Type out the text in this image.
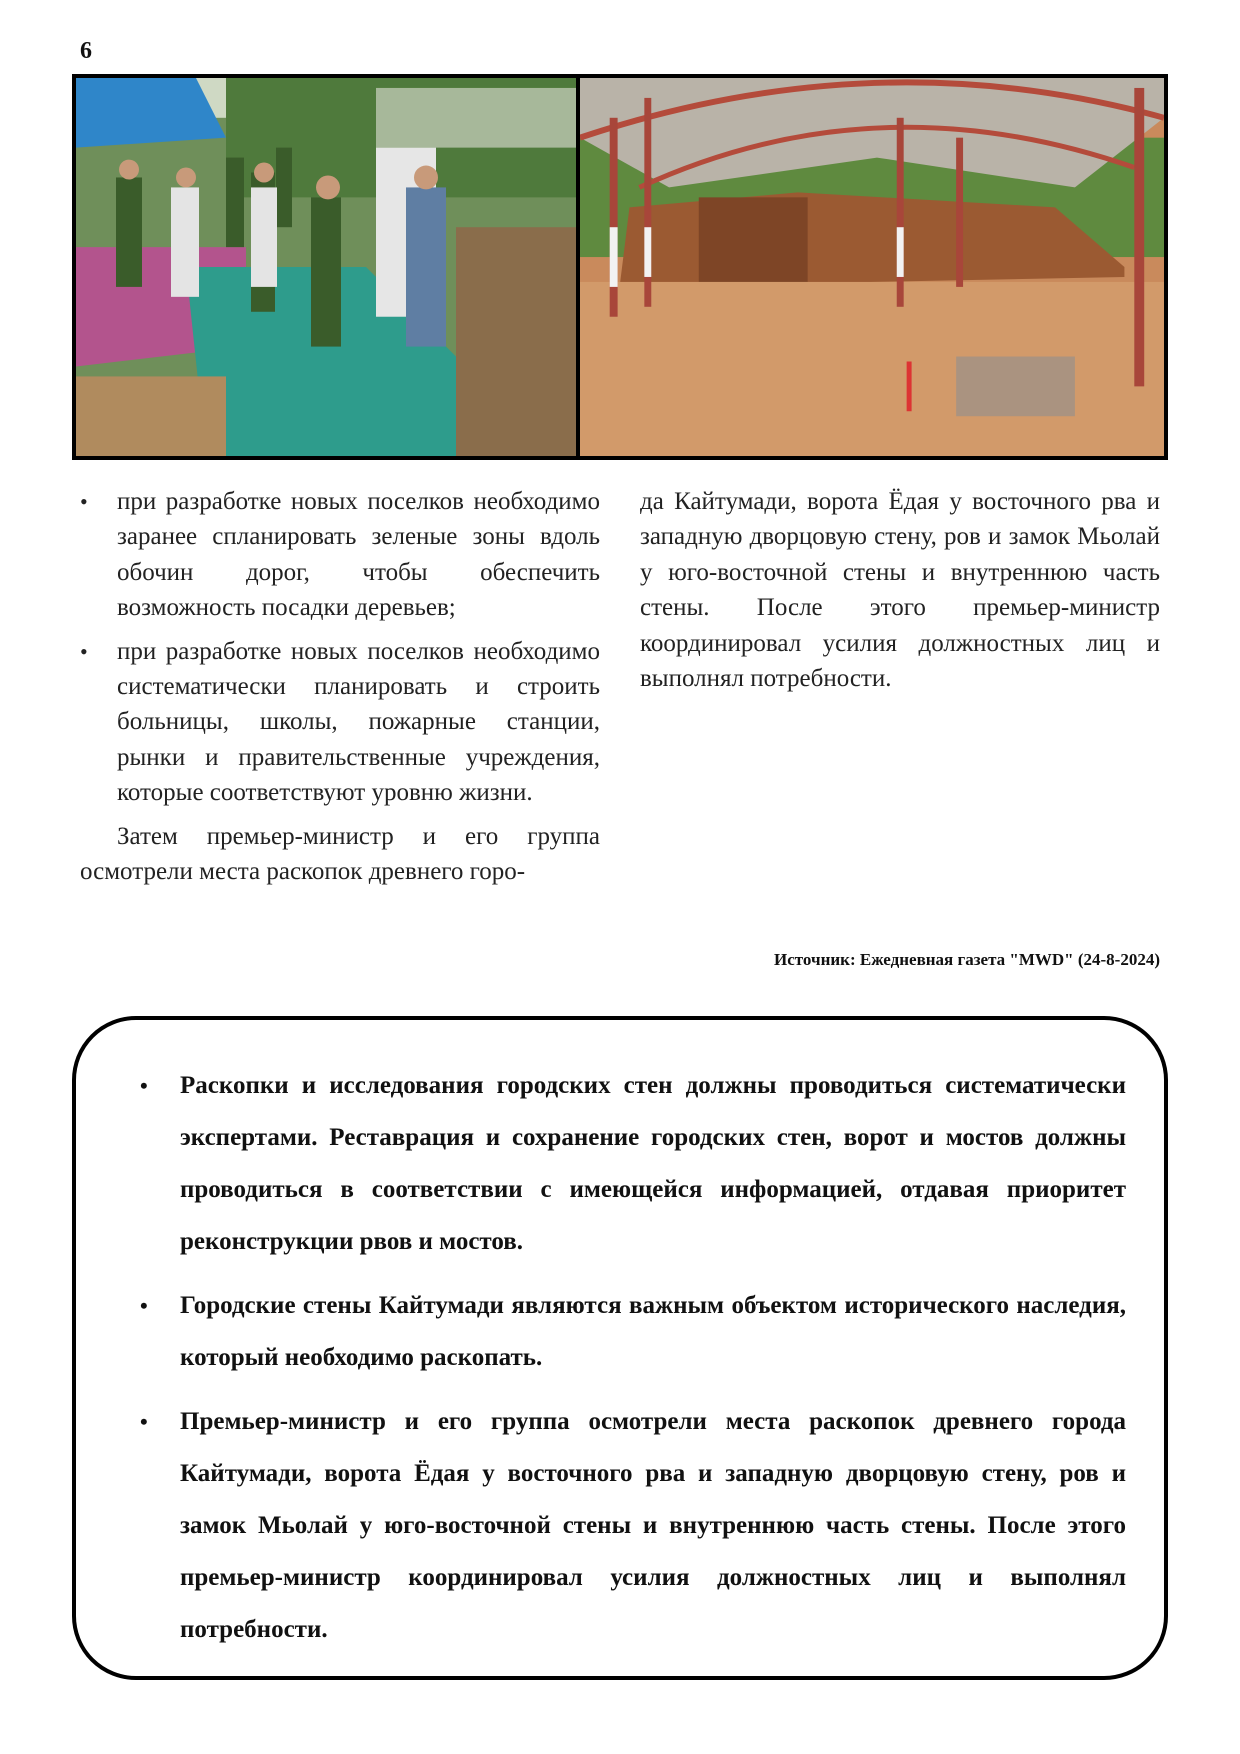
6
• при разработке новых поселков необходимо заранее спланировать зеленые зоны вдоль обочин дорог, чтобы обеспечить возможность посадки деревьев;
• при разработке новых поселков необходимо систематически планировать и строить больницы, школы, пожарные станции, рынки и правительственные учреждения, которые соответствуют уровню жизни.

Затем премьер-министр и его группа осмотрели места раскопок древнего горо-

да Кайтумади, ворота Ёдая у восточного рва и западную дворцовую стену, ров и замок Мьолай у юго-восточной стены и внутреннюю часть стены. После этого премьер-министр координировал усилия должностных лиц и выполнял потребности.

Источник: Ежедневная газета "MWD" (24-8-2024)
• Раскопки и исследования городских стен должны проводиться систематически экспертами. Реставрация и сохранение городских стен, ворот и мостов должны проводиться в соответствии с имеющейся информацией, отдавая приоритет реконструкции рвов и мостов.
• Городские стены Кайтумади являются важным объектом исторического наследия, который необходимо раскопать.
• Премьер-министр и его группа осмотрели места раскопок древнего города Кайтумади, ворота Ёдая у восточного рва и западную дворцовую стену, ров и замок Мьолай у юго-восточной стены и внутреннюю часть стены. После этого премьер-министр координировал усилия должностных лиц и выполнял потребности.
